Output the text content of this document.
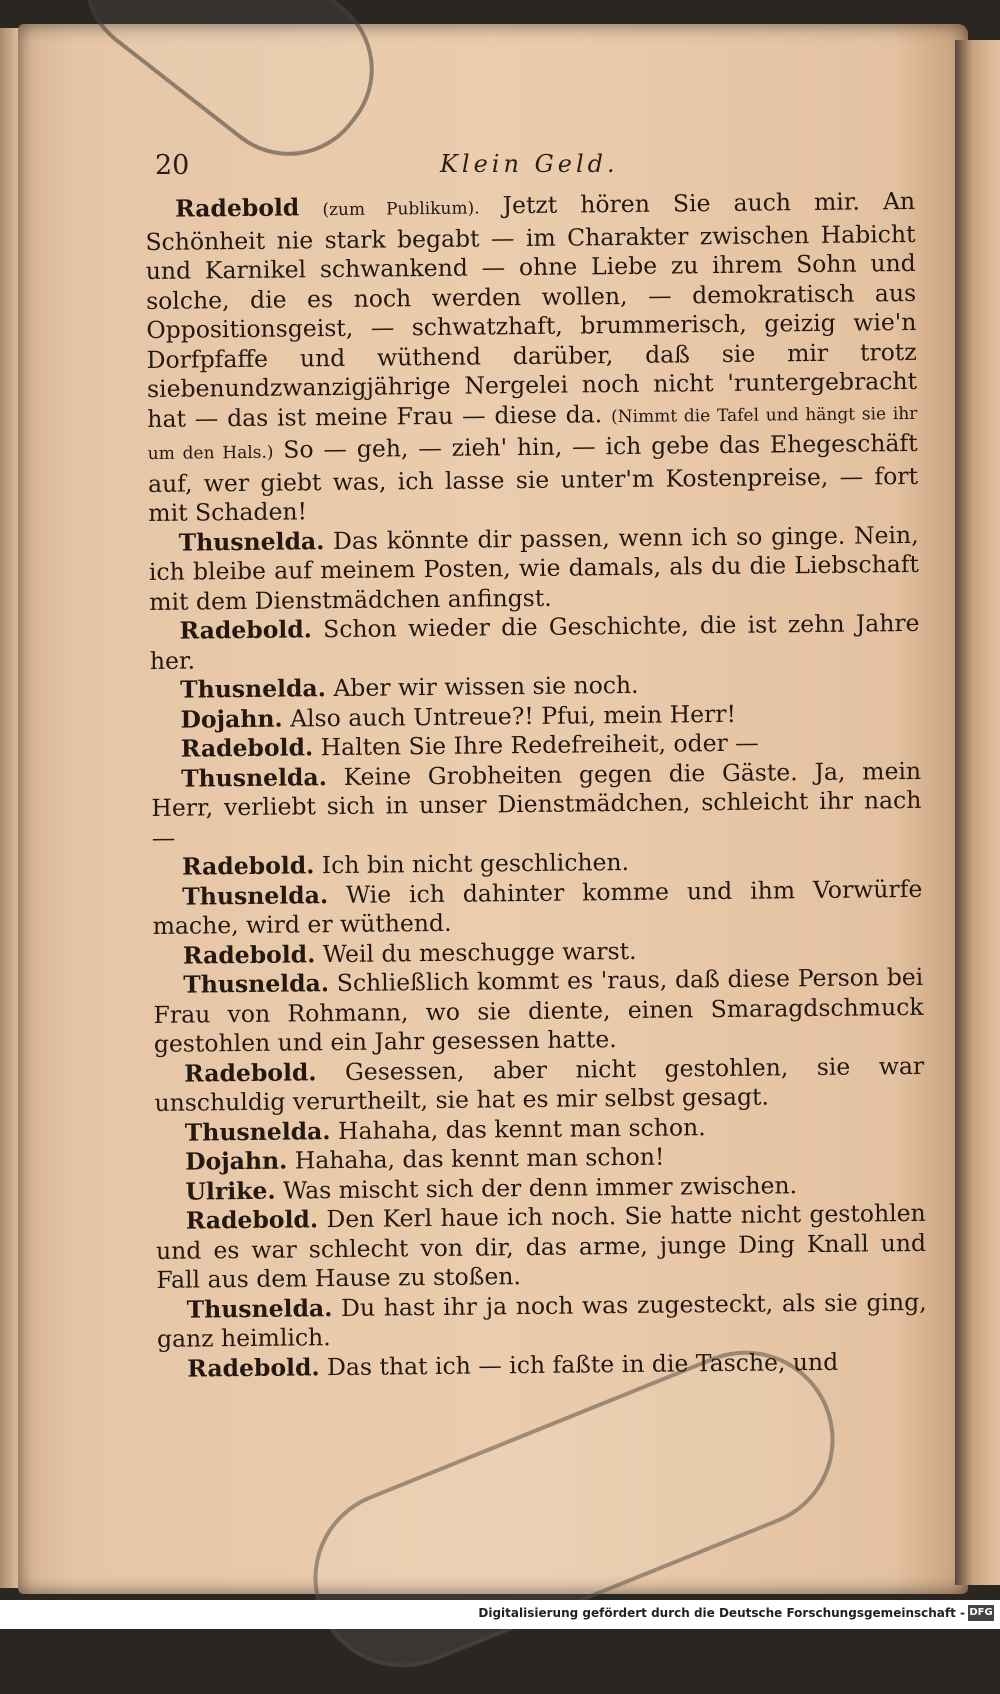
20	Klein Geld.

Radebold (zum Publikum). Jetzt hören Sie auch mir. An Schönheit nie stark begabt — im Charakter zwischen Habicht und Karnikel schwankend — ohne Liebe zu ihrem Sohn und solche, die es noch werden wollen, — demokratisch aus Oppositionsgeist, — schwatzhaft, brummerisch, geizig wie'n Dorfpfaffe und wüthend darüber, daß sie mir trotz siebenundzwanzigjährige Nergelei noch nicht 'runtergebracht hat — das ist meine Frau — diese da. (Nimmt die Tafel und hängt sie ihr um den Hals.) So — geh, — zieh' hin, — ich gebe das Ehegeschäft auf, wer giebt was, ich lasse sie unter'm Kostenpreise, — fort mit Schaden!

Thusnelda. Das könnte dir passen, wenn ich so ginge. Nein, ich bleibe auf meinem Posten, wie damals, als du die Liebschaft mit dem Dienstmädchen anfingst.

Radebold. Schon wieder die Geschichte, die ist zehn Jahre her.

Thusnelda. Aber wir wissen sie noch.

Dojahn. Also auch Untreue?! Pfui, mein Herr!

Radebold. Halten Sie Ihre Redefreiheit, oder —

Thusnelda. Keine Grobheiten gegen die Gäste. Ja, mein Herr, verliebt sich in unser Dienstmädchen, schleicht ihr nach —

Radebold. Ich bin nicht geschlichen.

Thusnelda. Wie ich dahinter komme und ihm Vorwürfe mache, wird er wüthend.

Radebold. Weil du meschugge warst.

Thusnelda. Schließlich kommt es 'raus, daß diese Person bei Frau von Rohmann, wo sie diente, einen Smaragdschmuck gestohlen und ein Jahr gesessen hatte.

Radebold. Gesessen, aber nicht gestohlen, sie war unschuldig verurtheilt, sie hat es mir selbst gesagt.

Thusnelda. Hahaha, das kennt man schon.

Dojahn. Hahaha, das kennt man schon!

Ulrike. Was mischt sich der denn immer zwischen.

Radebold. Den Kerl haue ich noch. Sie hatte nicht gestohlen und es war schlecht von dir, das arme, junge Ding Knall und Fall aus dem Hause zu stoßen.

Thusnelda. Du hast ihr ja noch was zugesteckt, als sie ging, ganz heimlich.

Radebold. Das that ich — ich faßte in die Tasche, und

Digitalisierung gefördert durch die Deutsche Forschungsgemeinschaft - DFG
